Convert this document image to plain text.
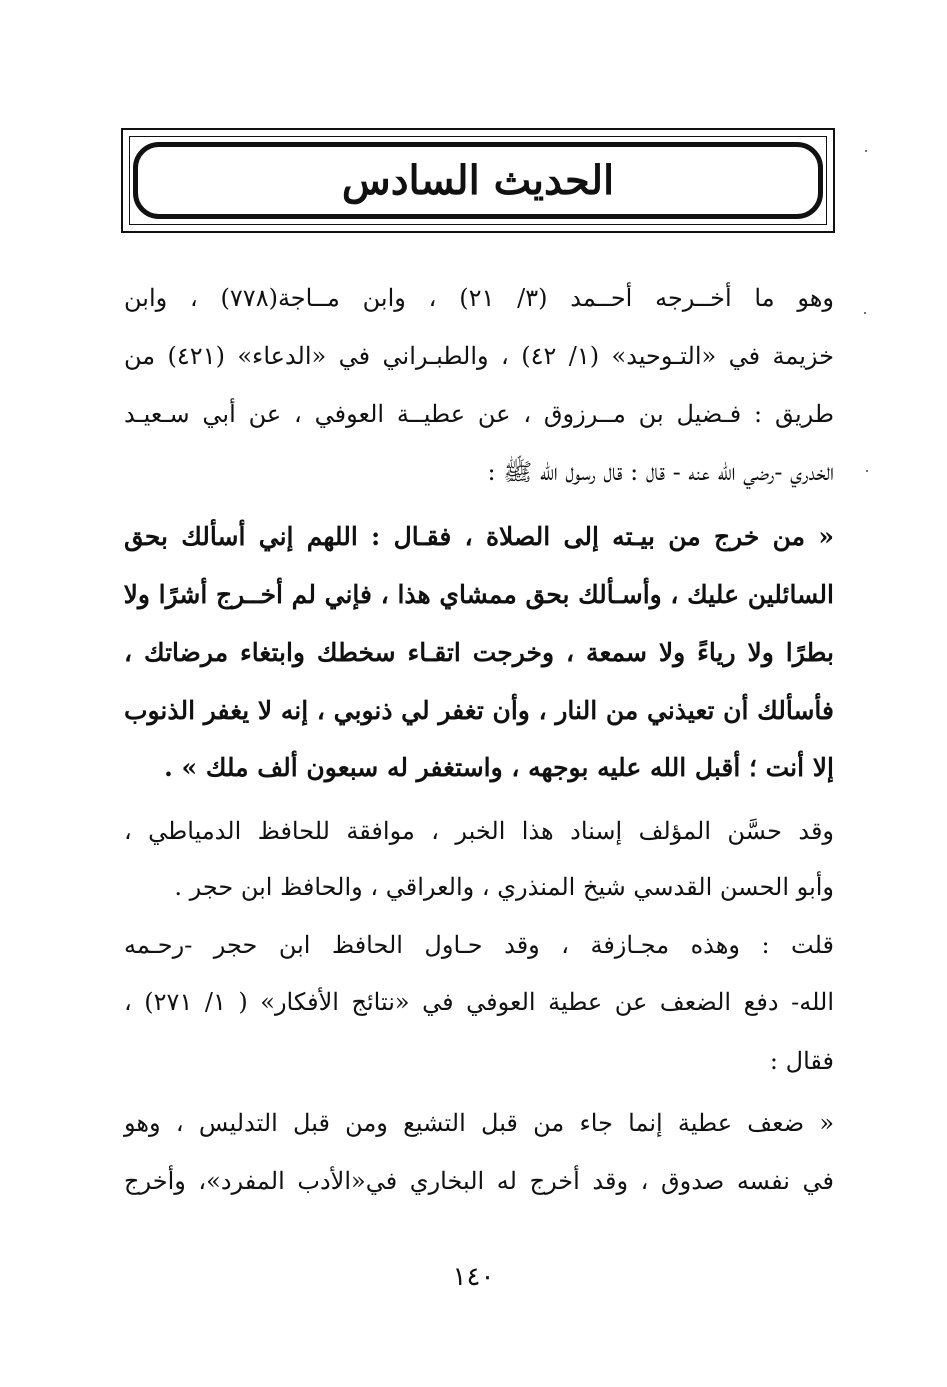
الحديث السادس
وهو ما أخــرجه أحــمد (٣/ ٢١) ، وابن مــاجة(٧٧٨) ، وابن
خزيمة في «التـوحيد» (١/ ٤٢) ، والطبـراني في «الدعاء» (٤٢١) من
طريق : فـضيل بن مــرزوق ، عن عطيــة العوفي ، عن أبي سـعيـد
الخدري -رضي الله عنه - قال : قال رسول الله ﷺ :
« من خرج من بيـته إلى الصلاة ، فقـال : اللهم إني أسألك بحق
السائلين عليك ، وأسـألك بحق ممشاي هذا ، فإني لم أخــرج أشرًا ولا
بطرًا ولا رياءً ولا سمعة ، وخرجت اتقـاء سخطك وابتغاء مرضاتك ،
فأسألك أن تعيذني من النار ، وأن تغفر لي ذنوبي ، إنه لا يغفر الذنوب
إلا أنت ؛ أقبل الله عليه بوجهه ، واستغفر له سبعون ألف ملك » .
وقد حسَّن المؤلف إسناد هذا الخبر ، موافقة للحافظ الدمياطي ،
وأبو الحسن القدسي شيخ المنذري ، والعراقي ، والحافظ ابن حجر .
قلت : وهذه مجـازفة ، وقد حـاول الحافظ ابن حجر -رحـمه
الله- دفع الضعف عن عطية العوفي في «نتائج الأفكار» ( ١/ ٢٧١) ،
فقال :
« ضعف عطية إنما جاء من قبل التشيع ومن قبل التدليس ، وهو
في نفسه صدوق ، وقد أخرج له البخاري في«الأدب المفرد»، وأخرج
١٤٠
